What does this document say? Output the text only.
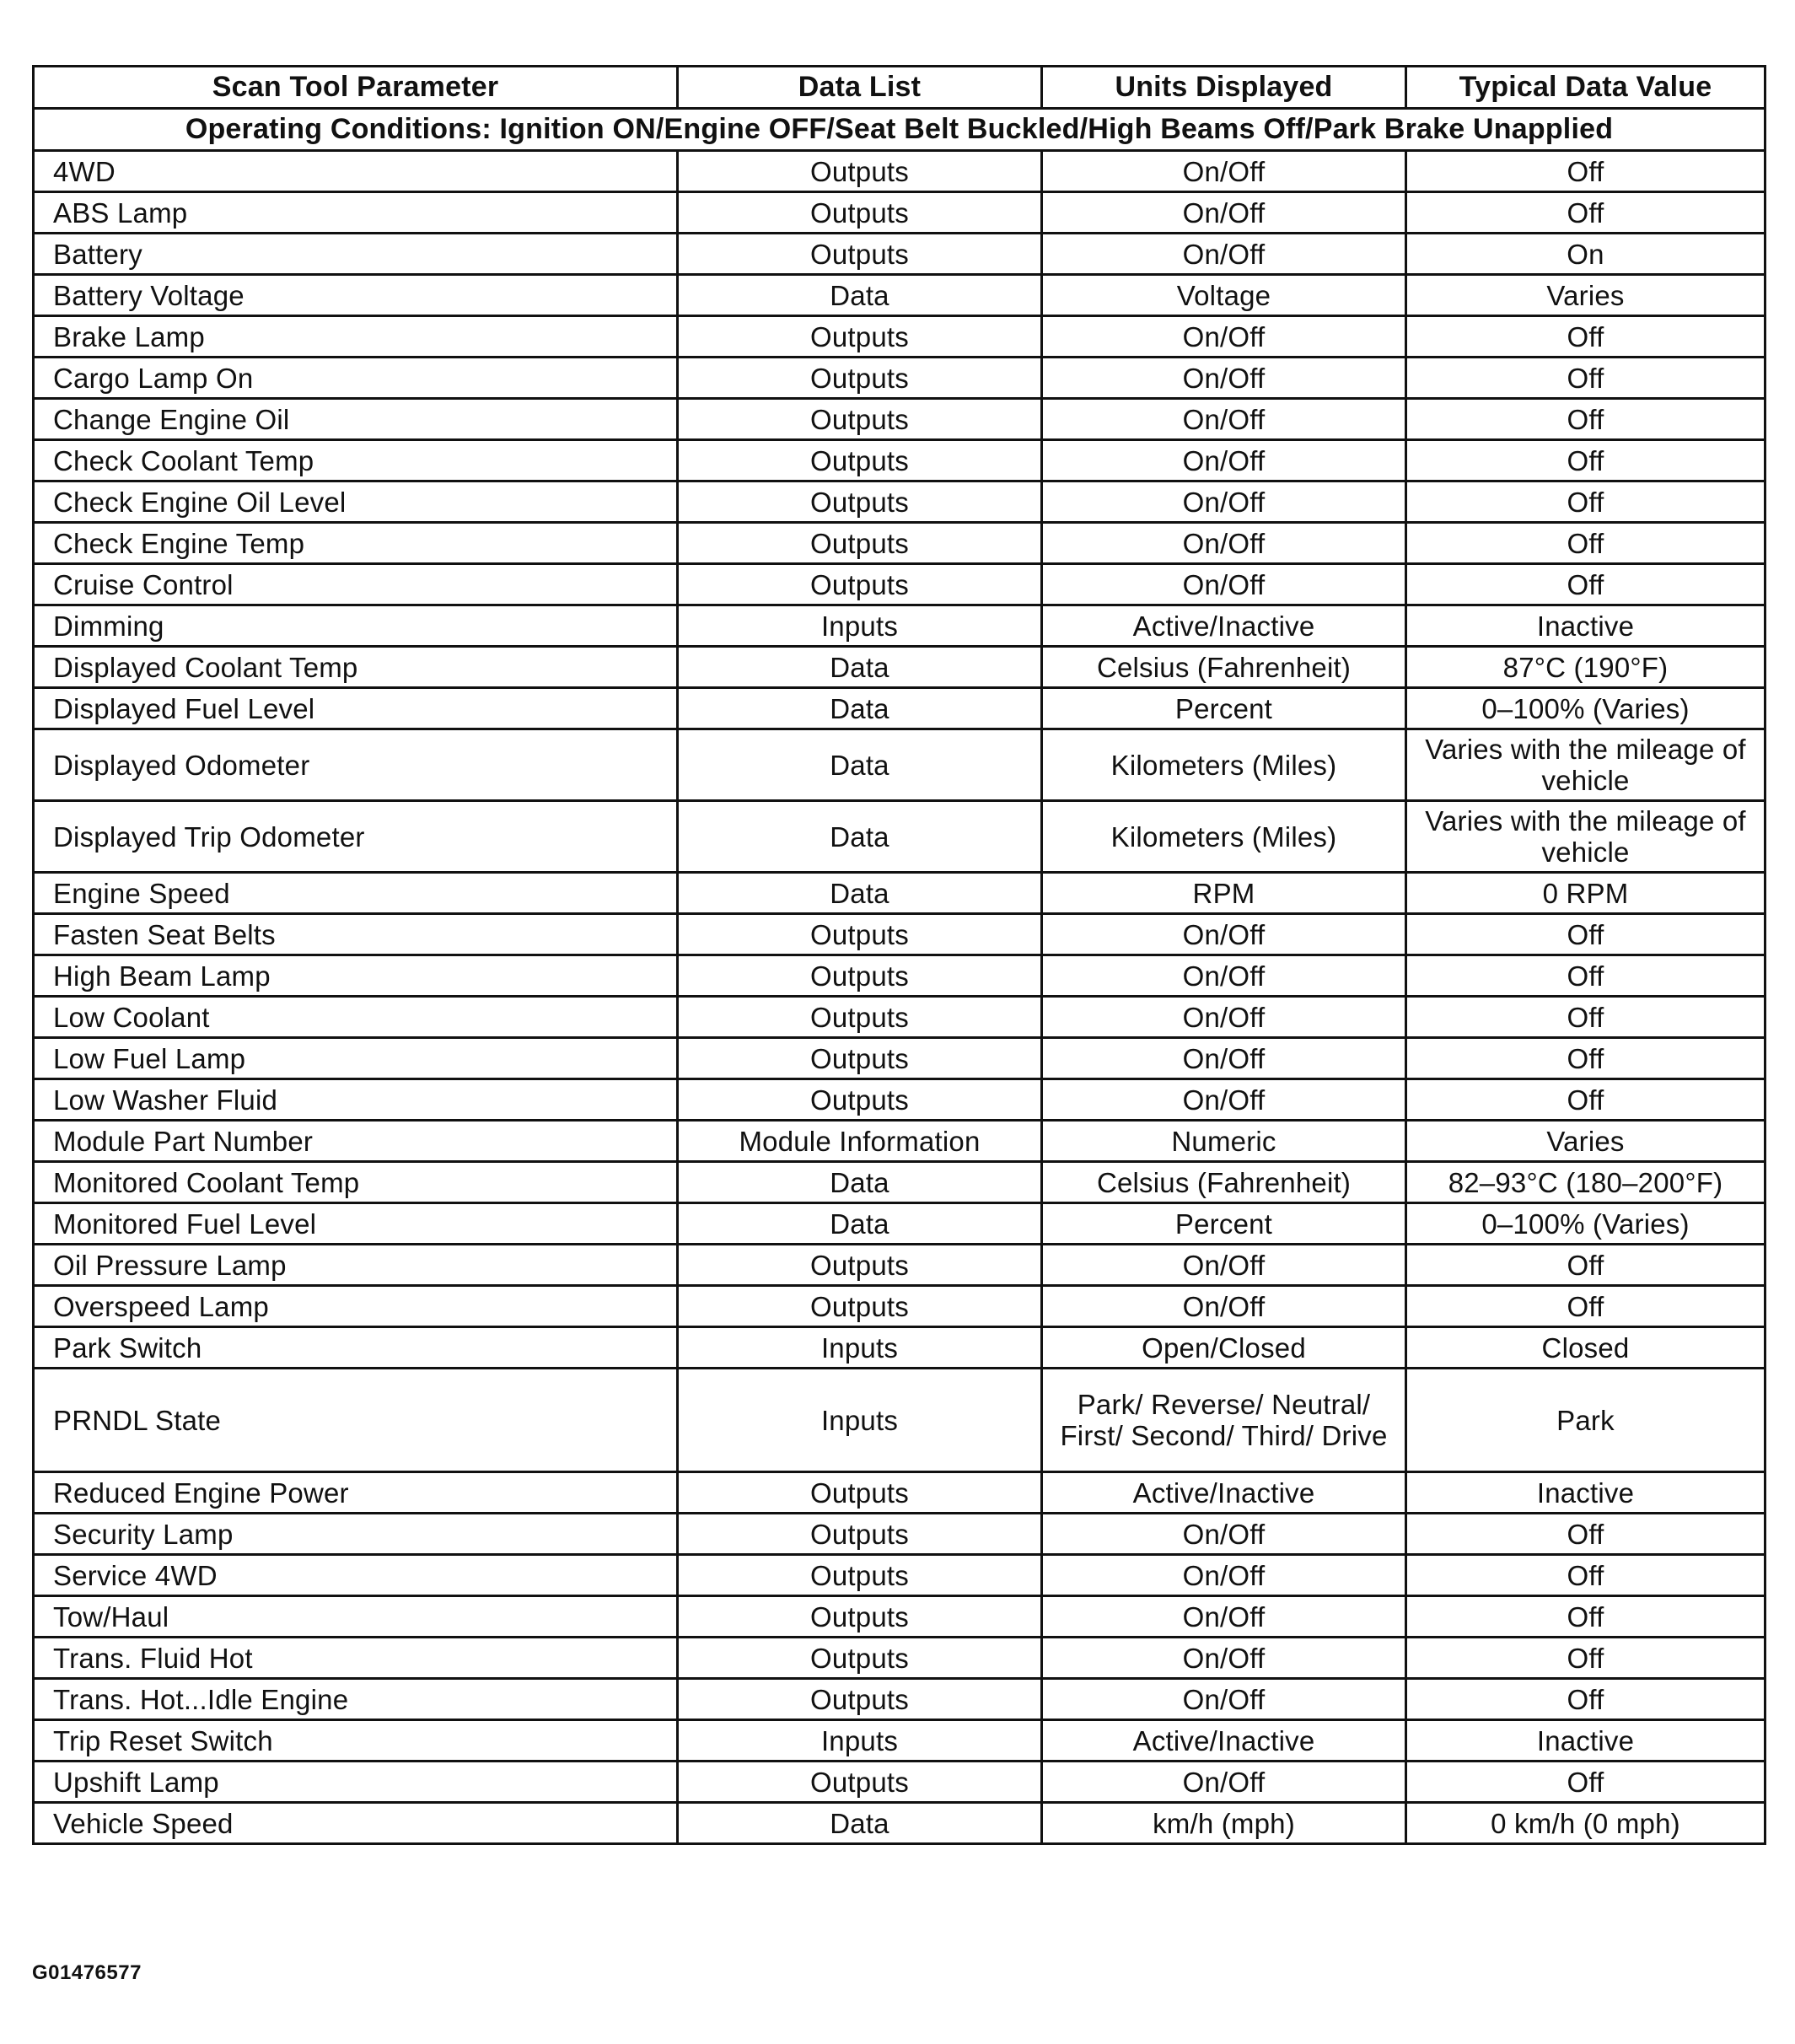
Scan Tool Parameter	Data List	Units Displayed	Typical Data Value
Operating Conditions: Ignition ON/Engine OFF/Seat Belt Buckled/High Beams Off/Park Brake Unapplied			
4WD	Outputs	On/Off	Off
ABS Lamp	Outputs	On/Off	Off
Battery	Outputs	On/Off	On
Battery Voltage	Data	Voltage	Varies
Brake Lamp	Outputs	On/Off	Off
Cargo Lamp On	Outputs	On/Off	Off
Change Engine Oil	Outputs	On/Off	Off
Check Coolant Temp	Outputs	On/Off	Off
Check Engine Oil Level	Outputs	On/Off	Off
Check Engine Temp	Outputs	On/Off	Off
Cruise Control	Outputs	On/Off	Off
Dimming	Inputs	Active/Inactive	Inactive
Displayed Coolant Temp	Data	Celsius (Fahrenheit)	87°C (190°F)
Displayed Fuel Level	Data	Percent	0–100% (Varies)
Displayed Odometer	Data	Kilometers (Miles)	Varies with the mileage of vehicle
Displayed Trip Odometer	Data	Kilometers (Miles)	Varies with the mileage of vehicle
Engine Speed	Data	RPM	0 RPM
Fasten Seat Belts	Outputs	On/Off	Off
High Beam Lamp	Outputs	On/Off	Off
Low Coolant	Outputs	On/Off	Off
Low Fuel Lamp	Outputs	On/Off	Off
Low Washer Fluid	Outputs	On/Off	Off
Module Part Number	Module Information	Numeric	Varies
Monitored Coolant Temp	Data	Celsius (Fahrenheit)	82–93°C (180–200°F)
Monitored Fuel Level	Data	Percent	0–100% (Varies)
Oil Pressure Lamp	Outputs	On/Off	Off
Overspeed Lamp	Outputs	On/Off	Off
Park Switch	Inputs	Open/Closed	Closed
PRNDL State	Inputs	Park/ Reverse/ Neutral/ First/ Second/ Third/ Drive	Park
Reduced Engine Power	Outputs	Active/Inactive	Inactive
Security Lamp	Outputs	On/Off	Off
Service 4WD	Outputs	On/Off	Off
Tow/Haul	Outputs	On/Off	Off
Trans. Fluid Hot	Outputs	On/Off	Off
Trans. Hot...Idle Engine	Outputs	On/Off	Off
Trip Reset Switch	Inputs	Active/Inactive	Inactive
Upshift Lamp	Outputs	On/Off	Off
Vehicle Speed	Data	km/h (mph)	0 km/h (0 mph)
G01476577
